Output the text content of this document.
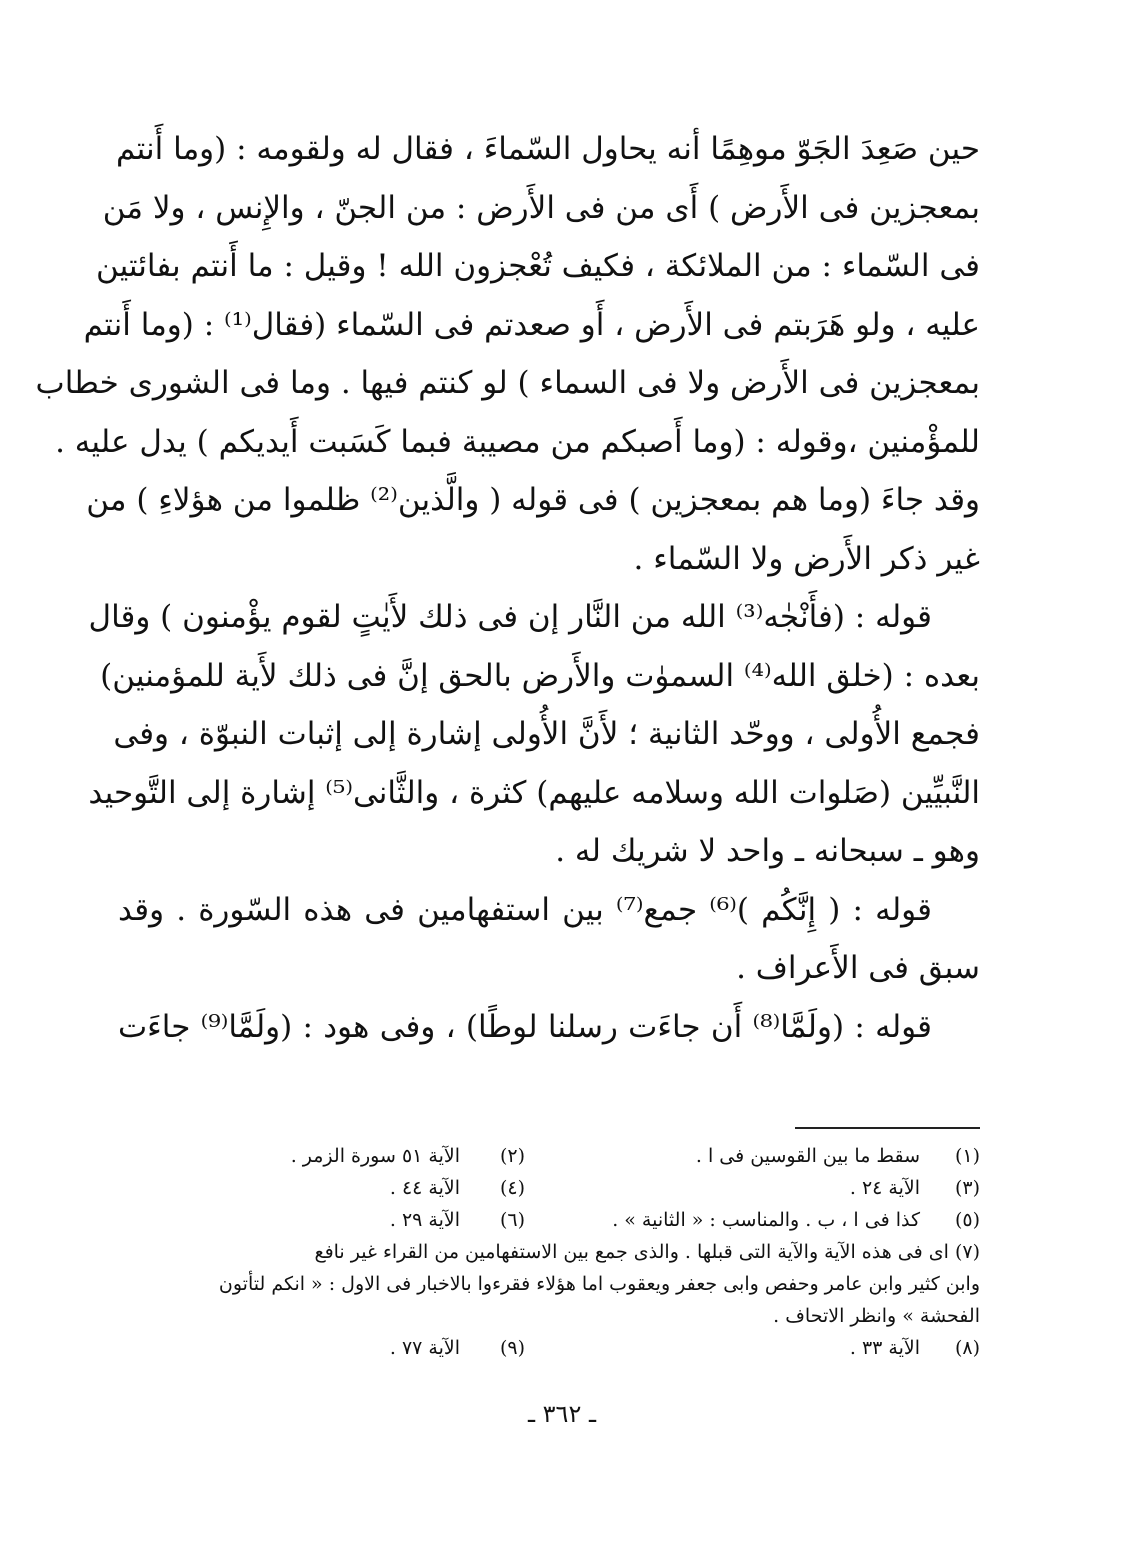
حين صَعِدَ الجَوّ موهِمًا أنه يحاول السّماءَ ، فقال له ولقومه : (وما أَنتم
بمعجزين فى الأَرض ) أَى من فى الأَرض : من الجنّ ، والإِنس ، ولا مَن
فى السّماء : من الملائكة ، فكيف تُعْجزون الله ! وقيل : ما أَنتم بفائتين
عليه ، ولو هَرَبتم فى الأَرض ، أَو صعدتم فى السّماء (فقال⁽¹⁾ : (وما أَنتم
بمعجزين فى الأَرض ولا فى السماء ) لو كنتم فيها . وما فى الشورى خطاب
للمؤْمنين ،وقوله : (وما أَصبكم من مصيبة فبما كَسَبت أَيديكم ) يدل عليه .
وقد جاءَ (وما هم بمعجزين ) فى قوله ( والَّذين⁽²⁾ ظلموا من هؤلاءِ ) من
غير ذكر الأَرض ولا السّماء .
قوله : (فأَنْجٰه⁽³⁾ الله من النَّار إن فى ذلك لأَيٰتٍ لقوم يؤْمنون ) وقال
بعده : (خلق الله⁽⁴⁾ السموٰت والأَرض بالحق إنَّ فى ذلك لأَية للمؤمنين)
فجمع الأُولى ، ووحّد الثانية ؛ لأَنَّ الأُولى إشارة إلى إثبات النبوّة ، وفى
النَّبيِّين (صَلوات الله وسلامه عليهم) كثرة ، والثَّانى⁽⁵⁾ إشارة إلى التَّوحيد
وهو ـ سبحانه ـ واحد لا شريك له .
قوله : ( إِنَّكُم )⁽⁶⁾ جمع⁽⁷⁾ بين استفهامين فى هذه السّورة . وقد
سبق فى الأَعراف .
قوله : (ولَمَّا⁽⁸⁾ أَن جاءَت رسلنا لوطًا) ، وفى هود : (ولَمَّا⁽⁹⁾ جاءَت
(١)
سقط ما بين القوسين فى ا .
(٢)
الآية ٥١ سورة الزمر .
(٣)
الآية ٢٤ .
(٤)
الآية ٤٤ .
(٥)
كذا فى ا ، ب . والمناسب : « الثانية » .
(٦)
الآية ٢٩ .
(٧) اى فى هذه الآية والآية التى قبلها . والذى جمع بين الاستفهامين من القراء غير نافع
وابن كثير وابن عامر وحفص وابى جعفر ويعقوب اما هؤلاء فقرءوا بالاخبار فى الاول : « انكم لتأتون
الفحشة » وانظر الاتحاف .
(٨)
الآية ٣٣ .
(٩)
الآية ٧٧ .
ـ ٣٦٢ ـ
